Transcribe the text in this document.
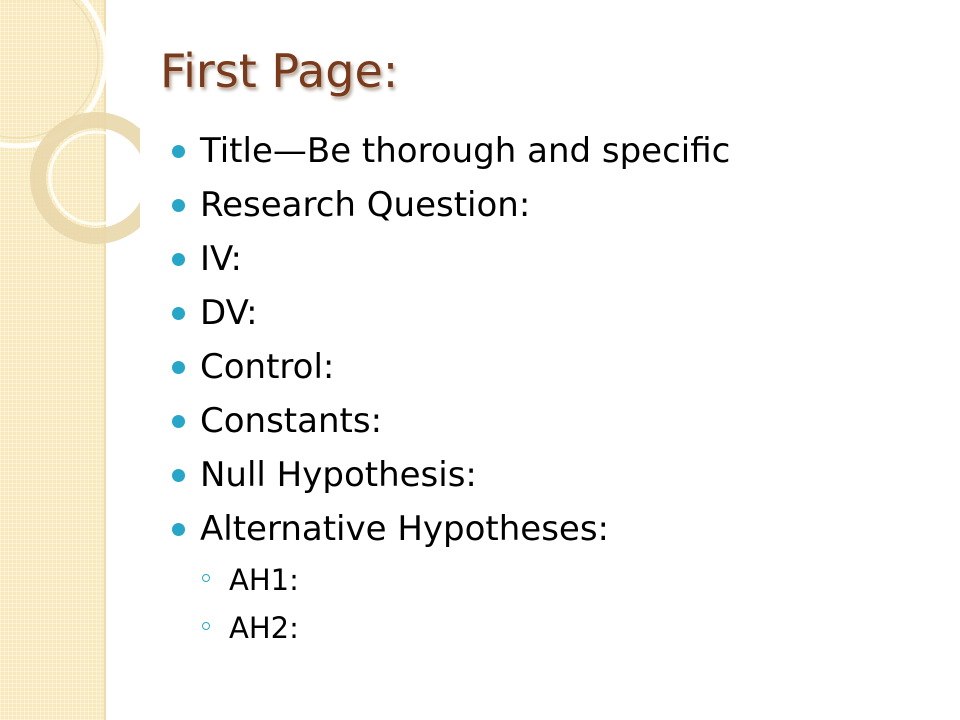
First Page:
Title—Be thorough and specific
Research Question:
IV:
DV:
Control:
Constants:
Null Hypothesis:
Alternative Hypotheses:
AH1:
AH2:
